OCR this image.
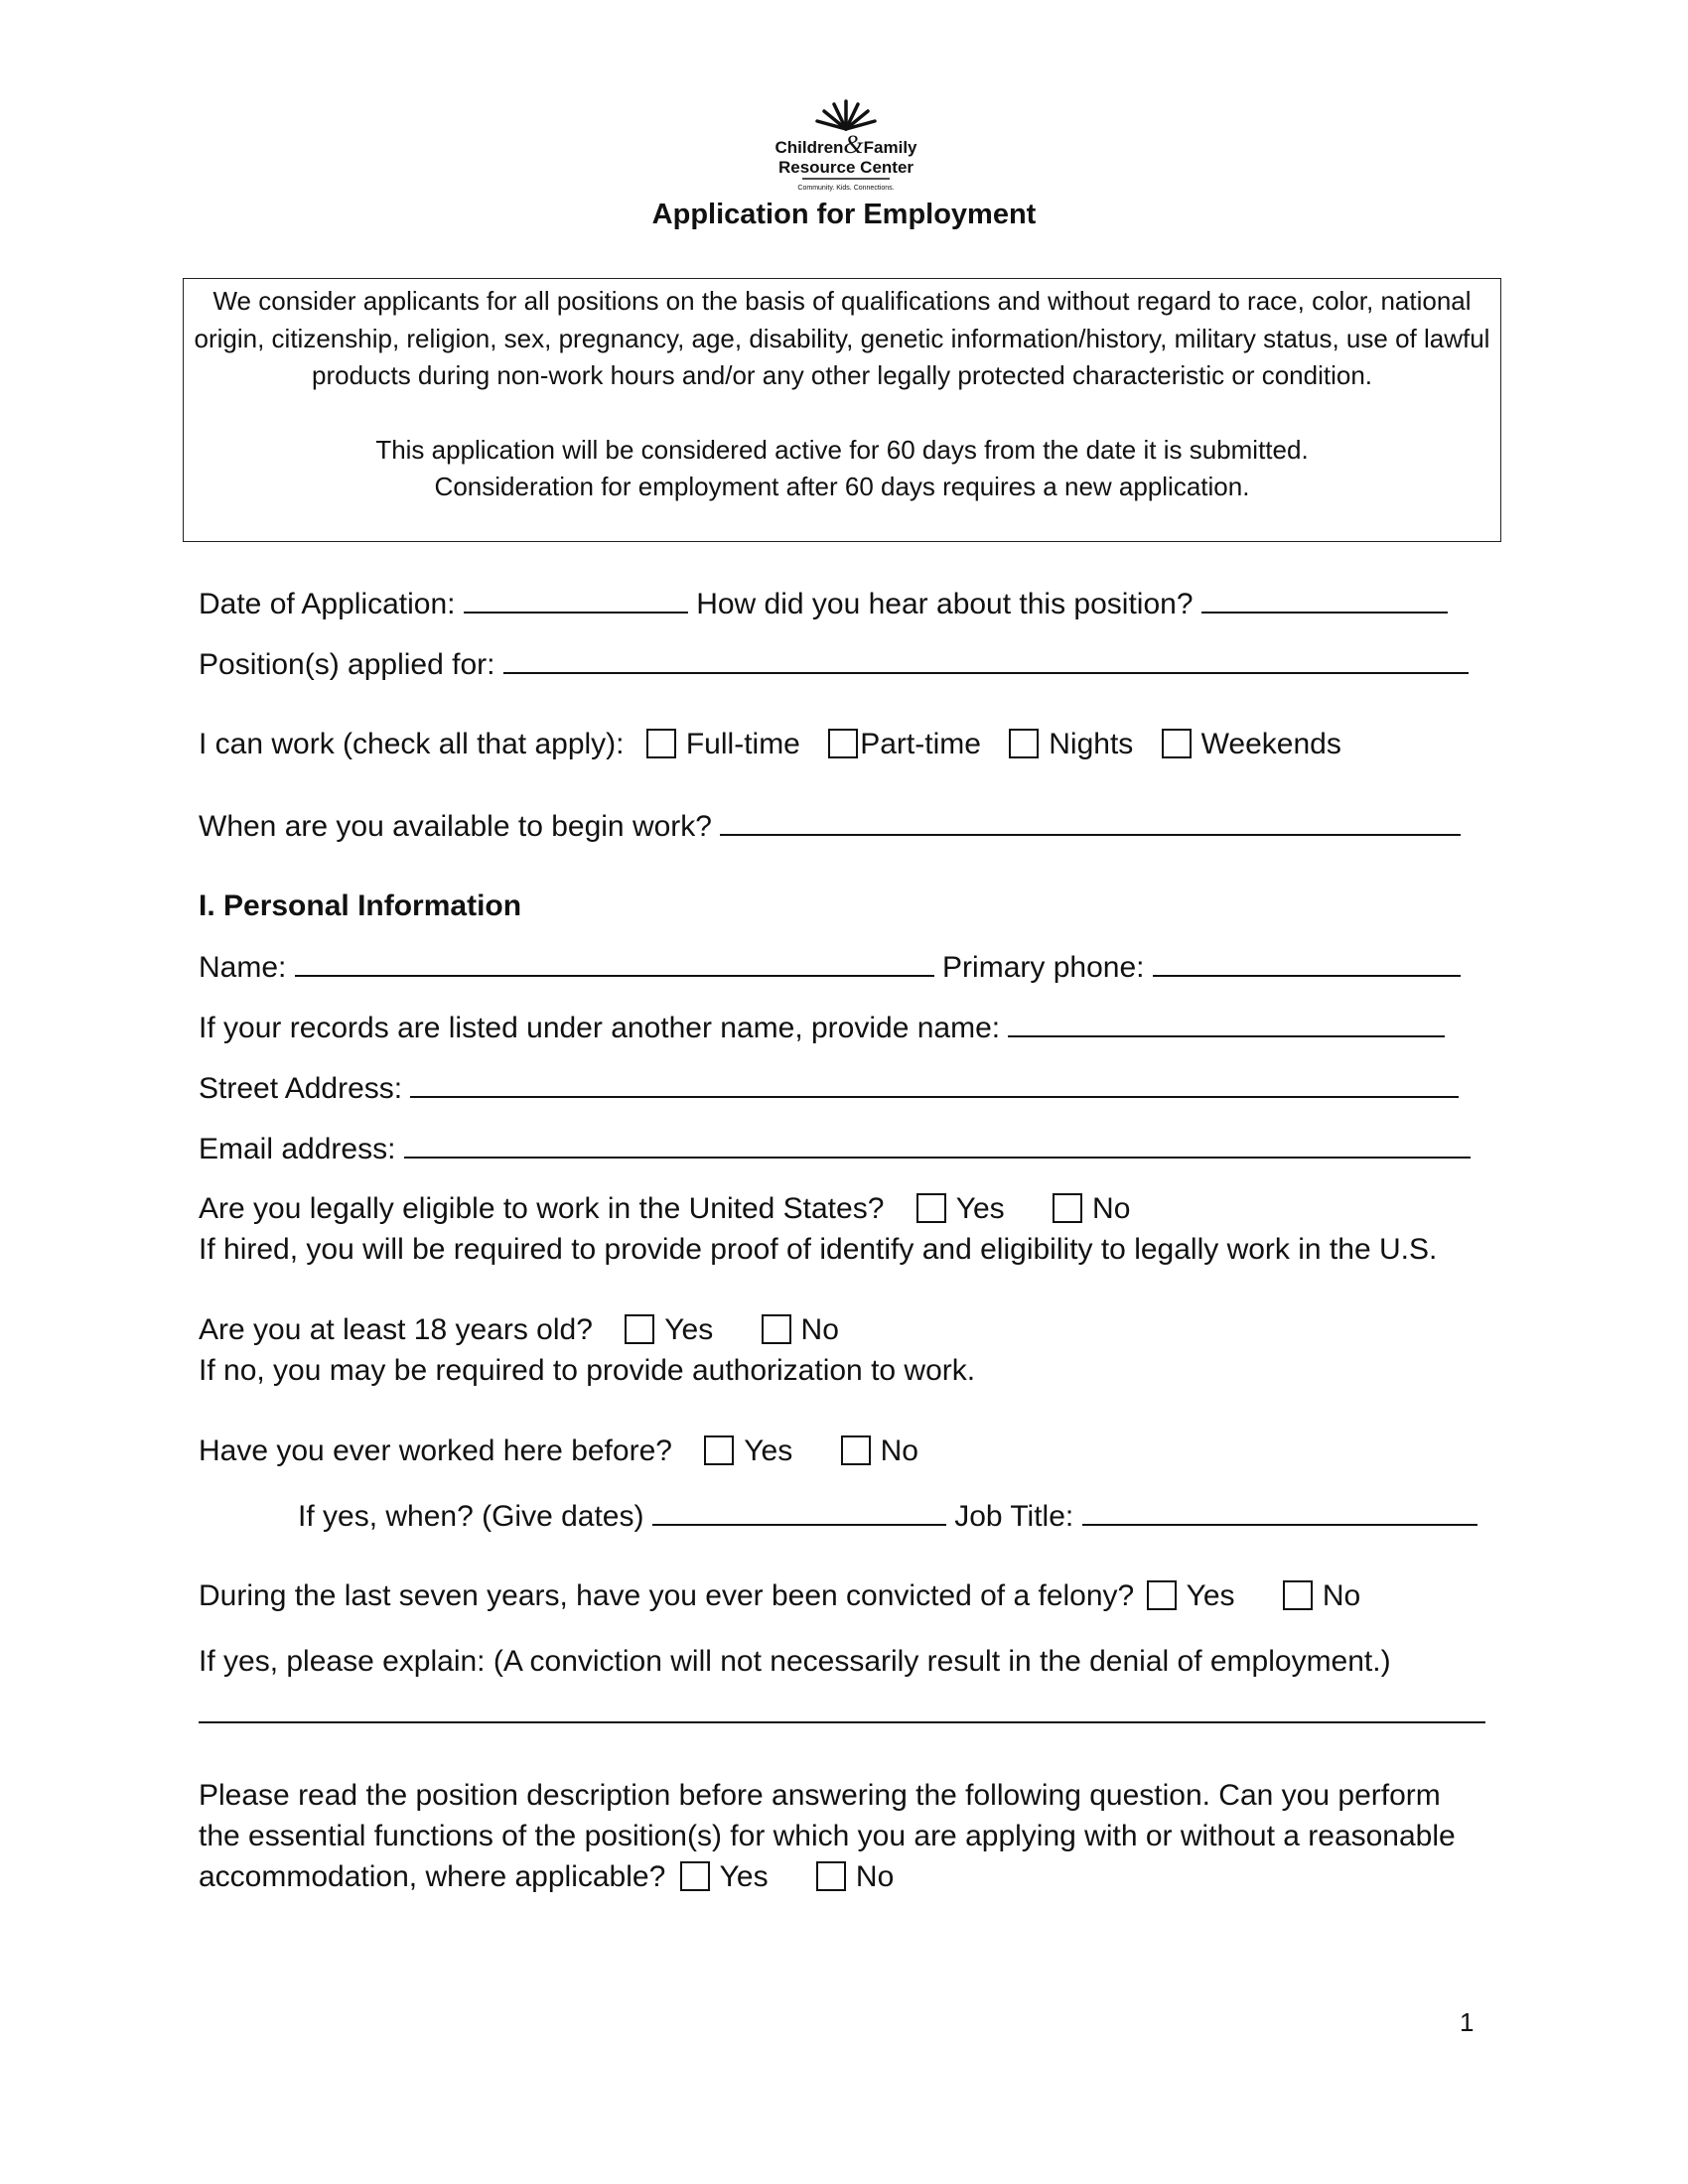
Children&Family
Resource Center
Community. Kids. Connections.
Application for Employment

We consider applicants for all positions on the basis of qualifications and without regard to race, color, national origin, citizenship, religion, sex, pregnancy, age, disability, genetic information/history, military status, use of lawful products during non-work hours and/or any other legally protected characteristic or condition.

This application will be considered active for 60 days from the date it is submitted.

Consideration for employment after 60 days requires a new application.

Date of Application:	How did you hear about this position?
Position(s) applied for:
I can work (check all that apply): Full-time Part-time Nights Weekends
When are you available to begin work?
I. Personal Information
Name:	Primary phone:
If your records are listed under another name, provide name:
Street Address:
Email address:
Are you legally eligible to work in the United States? Yes	No
If hired, you will be required to provide proof of identify and eligibility to legally work in the U.S.
Are you at least 18 years old? Yes	No
If no, you may be required to provide authorization to work.
Have you ever worked here before? Yes	No
If yes, when? (Give dates)	Job Title:
During the last seven years, have you ever been convicted of a felony? Yes	No
If yes, please explain: (A conviction will not necessarily result in the denial of employment.)
Please read the position description before answering the following question. Can you perform the essential functions of the position(s) for which you are applying with or without a reasonable accommodation, where applicable? Yes	No
1
